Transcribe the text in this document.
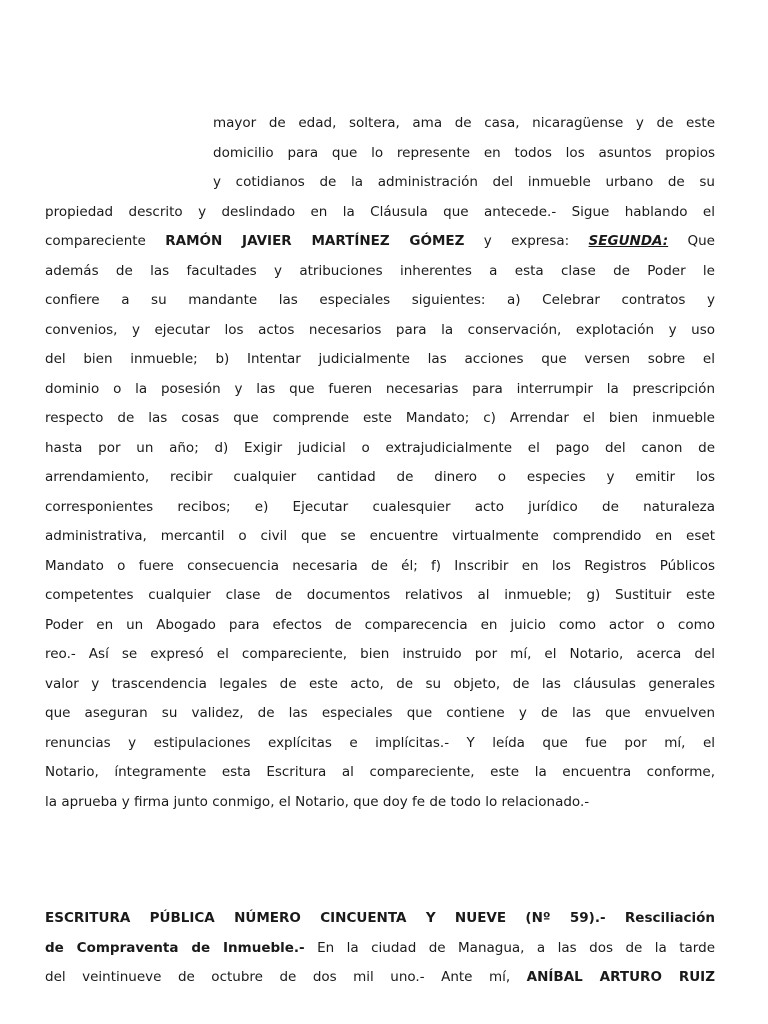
mayor de edad, soltera, ama de casa, nicaragüense y de este
domicilio para que lo represente en todos los asuntos propios
y cotidianos de la administración del inmueble urbano de su
propiedad descrito y deslindado en la Cláusula que antecede.- Sigue hablando el
compareciente RAMÓN JAVIER MARTÍNEZ GÓMEZ y expresa: SEGUNDA: Que
además de las facultades y atribuciones inherentes a esta clase de Poder le
confiere a su mandante las especiales siguientes: a) Celebrar contratos y
convenios, y ejecutar los actos necesarios para la conservación, explotación y uso
del bien inmueble; b) Intentar judicialmente las acciones que versen sobre el
dominio o la posesión y las que fueren necesarias para interrumpir la prescripción
respecto de las cosas que comprende este Mandato; c) Arrendar el bien inmueble
hasta por un año; d) Exigir judicial o extrajudicialmente el pago del canon de
arrendamiento, recibir cualquier cantidad de dinero o especies y emitir los
corresponientes recibos; e) Ejecutar cualesquier acto jurídico de naturaleza
administrativa, mercantil o civil que se encuentre virtualmente comprendido en eset
Mandato o fuere consecuencia necesaria de él; f) Inscribir en los Registros Públicos
competentes cualquier clase de documentos relativos al inmueble; g) Sustituir este
Poder en un Abogado para efectos de comparecencia en juicio como actor o como
reo.- Así se expresó el compareciente, bien instruido por mí, el Notario, acerca del
valor y trascendencia legales de este acto, de su objeto, de las cláusulas generales
que aseguran su validez, de las especiales que contiene y de las que envuelven
renuncias y estipulaciones explícitas e implícitas.- Y leída que fue por mí, el
Notario, íntegramente esta Escritura al compareciente, este la encuentra conforme,
la aprueba y firma junto conmigo, el Notario, que doy fe de todo lo relacionado.-
ESCRITURA PÚBLICA NÚMERO CINCUENTA Y NUEVE (Nº 59).- Resciliación
de Compraventa de Inmueble.- En la ciudad de Managua, a las dos de la tarde
del veintinueve de octubre de dos mil uno.- Ante mí, ANÍBAL ARTURO RUIZ
